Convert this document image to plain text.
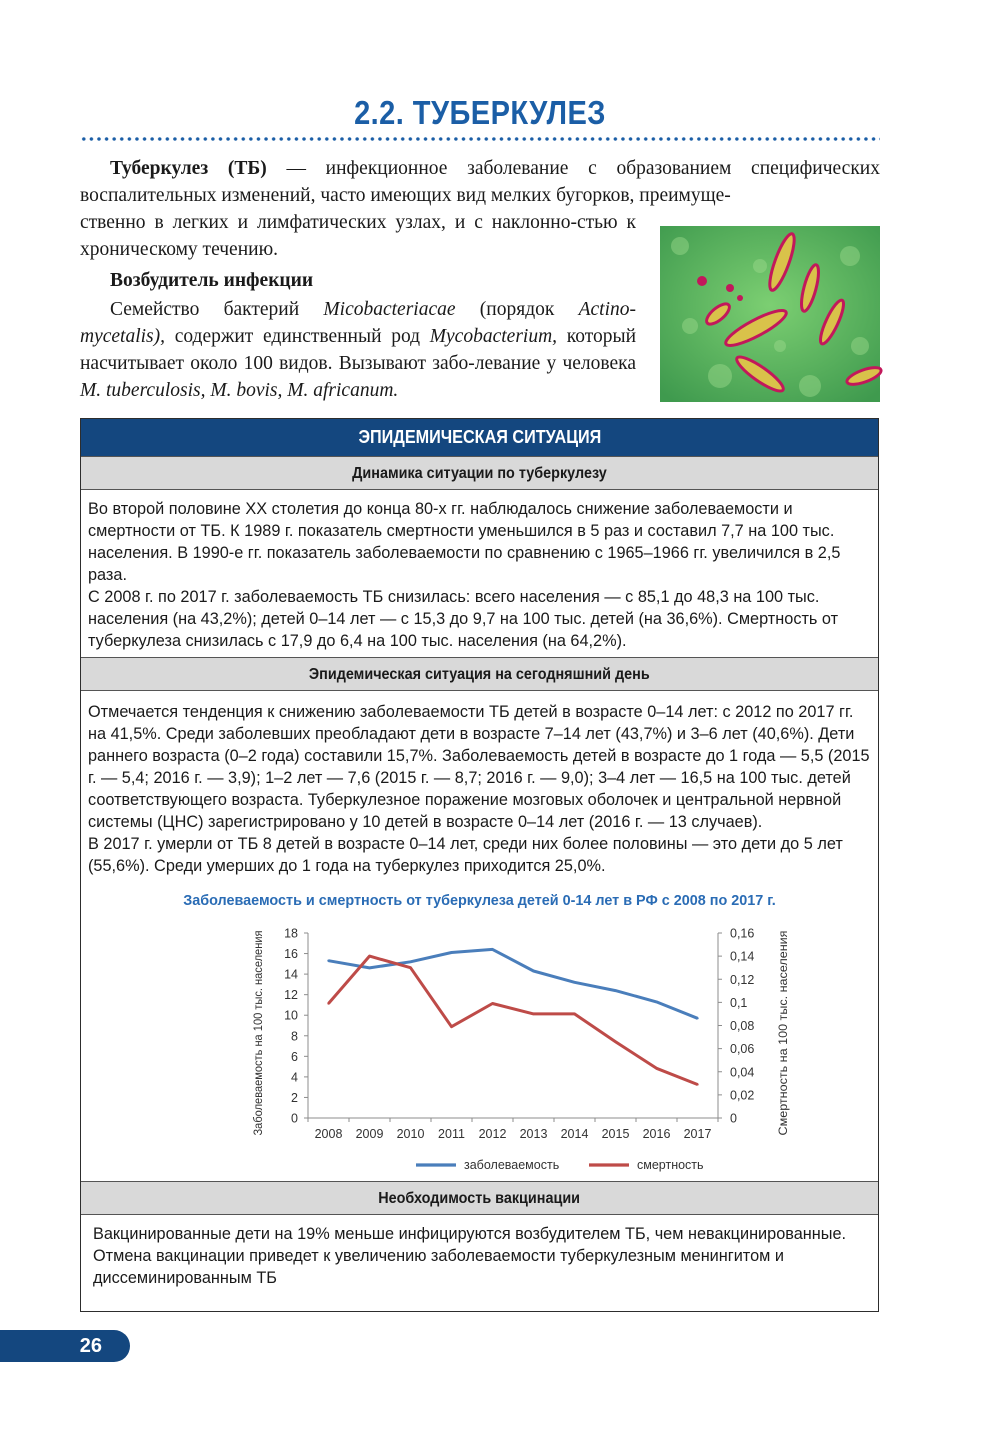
2.2. ТУБЕРКУЛЕЗ

Туберкулез (ТБ) — инфекционное заболевание с образованием специфических воспалительных изменений, часто имеющих вид мелких бугорков, преимуще-

ственно в легких и лимфатических узлах, и с наклонно-стью к хроническому течению.
Возбудитель инфекции
Семейство бактерий Micobacteriacae (порядок Actino-mycetalis), содержит единственный род Mycobacterium, который насчитывает около 100 видов. Вызывают забо-левание у человека M. tuberculosis, M. bovis, M. africanum.
ЭПИДЕМИЧЕСКАЯ СИТУАЦИЯ
Динамика ситуации по туберкулезу

Во второй половине XX столетия до конца 80-х гг. наблюдалось снижение заболеваемости и смертности от ТБ. К 1989 г. показатель смертности уменьшился в 5 раз и составил 7,7 на 100 тыс. населения. В 1990-е гг. показатель заболеваемости по сравнению с 1965–1966 гг. увеличился в 2,5 раза.

С 2008 г. по 2017 г. заболеваемость ТБ снизилась: всего населения — с 85,1 до 48,3 на 100 тыс. населения (на 43,2%); детей 0–14 лет — с 15,3 до 9,7 на 100 тыс. детей (на 36,6%). Смертность от туберкулеза снизилась с 17,9 до 6,4 на 100 тыс. населения (на 64,2%).

Эпидемическая ситуация на сегодняшний день

Отмечается тенденция к снижению заболеваемости ТБ детей в возрасте 0–14 лет: с 2012 по 2017 гг. на 41,5%. Среди заболевших преобладают дети в возрасте 7–14 лет (43,7%) и 3–6 лет (40,6%). Дети раннего возраста (0–2 года) составили 15,7%. Заболеваемость детей в возрасте до 1 года — 5,5 (2015 г. — 5,4; 2016 г. — 3,9); 1–2 лет — 7,6 (2015 г. — 8,7; 2016 г. — 9,0); 3–4 лет — 16,5 на 100 тыс. детей соответствующего возраста. Туберкулезное поражение мозговых оболочек и центральной нервной системы (ЦНС) зарегистрировано у 10 детей в возрасте 0–14 лет (2016 г. — 13 случаев).

В 2017 г. умерли от ТБ 8 детей в возрасте 0–14 лет, среди них более половины — это дети до 5 лет (55,6%). Среди умерших до 1 года на туберкулез приходится 25,0%.

Заболеваемость и смертность от туберкулеза детей 0-14 лет в РФ с 2008 по 2017 г.
0
2
4
6
8
10
12
14
16
18
0
0,02
0,04
0,06
0,08
0,1
0,12
0,14
0,16
2008 2009 2010 2011 2012 2013 2014 2015 2016 2017
Заболеваемость на 100 тыс. населения	Смертность на 100 тыс. населения
заболеваемость	смертность
Необходимость вакцинации

Вакцинированные дети на 19% меньше инфицируются возбудителем ТБ, чем невакцинированные.

Отмена вакцинации приведет к увеличению заболеваемости туберкулезным менингитом и диссеминированным ТБ

26
